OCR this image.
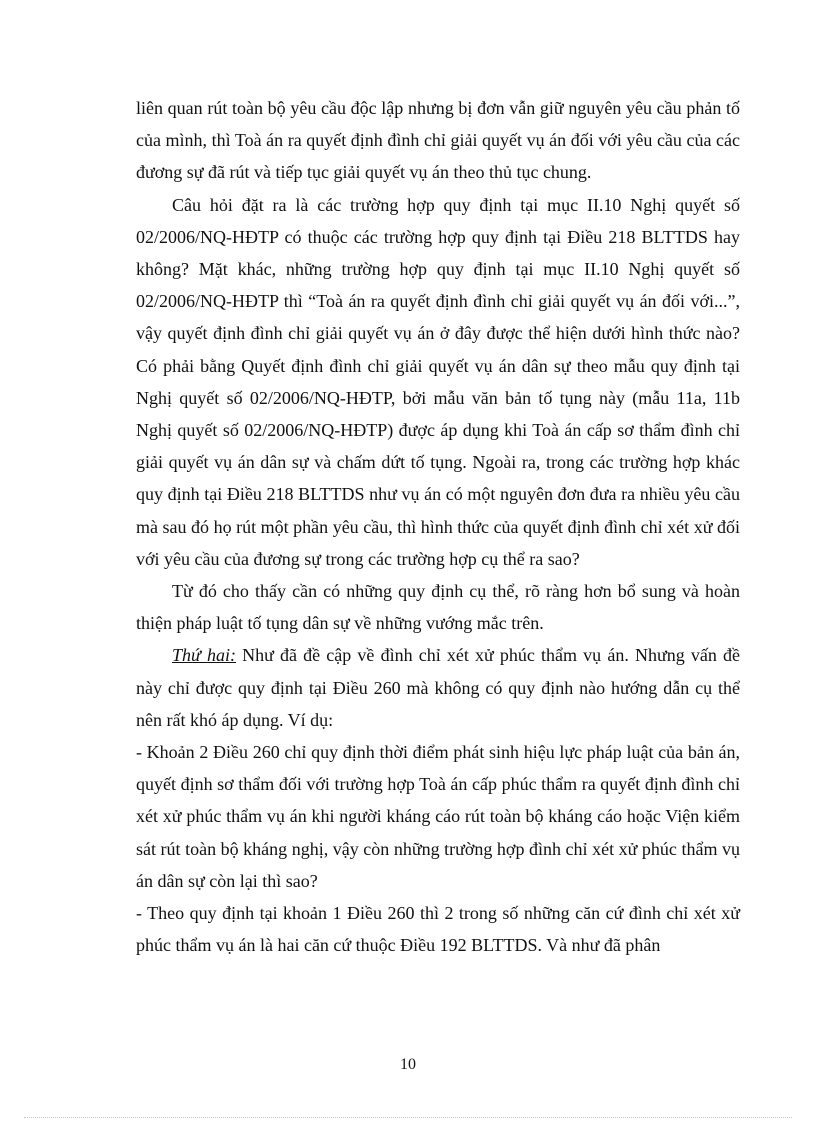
liên quan rút toàn bộ yêu cầu độc lập nhưng bị đơn vẫn giữ nguyên yêu cầu phản tố của mình, thì Toà án ra quyết định đình chỉ giải quyết vụ án đối với yêu cầu của các đương sự đã rút và tiếp tục giải quyết vụ án theo thủ tục chung.

Câu hỏi đặt ra là các trường hợp quy định tại mục II.10 Nghị quyết số 02/2006/NQ-HĐTP có thuộc các trường hợp quy định tại Điều 218 BLTTDS hay không? Mặt khác, những trường hợp quy định tại mục II.10 Nghị quyết số 02/2006/NQ-HĐTP thì “Toà án ra quyết định đình chỉ giải quyết vụ án đối với...”, vậy quyết định đình chỉ giải quyết vụ án ở đây được thể hiện dưới hình thức nào? Có phải bằng Quyết định đình chỉ giải quyết vụ án dân sự theo mẫu quy định tại Nghị quyết số 02/2006/NQ-HĐTP, bởi mẫu văn bản tố tụng này (mẫu 11a, 11b Nghị quyết số 02/2006/NQ-HĐTP) được áp dụng khi Toà án cấp sơ thẩm đình chỉ giải quyết vụ án dân sự và chấm dứt tố tụng. Ngoài ra, trong các trường hợp khác quy định tại Điều 218 BLTTDS như vụ án có một nguyên đơn đưa ra nhiều yêu cầu mà sau đó họ rút một phần yêu cầu, thì hình thức của quyết định đình chỉ xét xử đối với yêu cầu của đương sự trong các trường hợp cụ thể ra sao?

Từ đó cho thấy cần có những quy định cụ thể, rõ ràng hơn bổ sung và hoàn thiện pháp luật tố tụng dân sự về những vướng mắc trên.

Thứ hai: Như đã đề cập về đình chỉ xét xử phúc thẩm vụ án. Nhưng vấn đề này chỉ được quy định tại Điều 260 mà không có quy định nào hướng dẫn cụ thể nên rất khó áp dụng. Ví dụ:

- Khoản 2 Điều 260 chỉ quy định thời điểm phát sinh hiệu lực pháp luật của bản án, quyết định sơ thẩm đối với trường hợp Toà án cấp phúc thẩm ra quyết định đình chỉ xét xử phúc thẩm vụ án khi người kháng cáo rút toàn bộ kháng cáo hoặc Viện kiểm sát rút toàn bộ kháng nghị, vậy còn những trường hợp đình chỉ xét xử phúc thẩm vụ án dân sự còn lại thì sao?

- Theo quy định tại khoản 1 Điều 260 thì 2 trong số những căn cứ đình chỉ xét xử phúc thẩm vụ án là hai căn cứ thuộc Điều 192 BLTTDS. Và như đã phân

10
